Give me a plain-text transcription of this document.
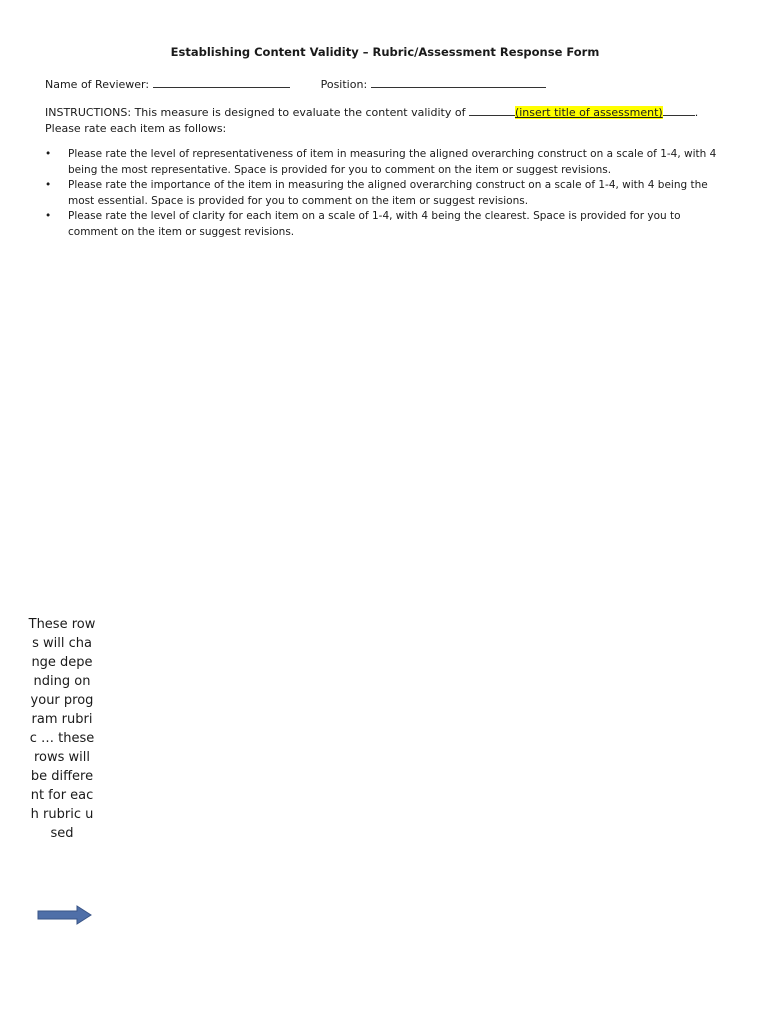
Establishing Content Validity – Rubric/Assessment Response Form
Name of Reviewer:	Position:
INSTRUCTIONS: This measure is designed to evaluate the content validity of	(insert title of assessment)	.
Please rate each item as follows:
• Please rate the level of representativeness of item in measuring the aligned overarching construct on a scale of 1-4, with 4 being the most representative. Space is provided for you to comment on the item or suggest revisions.
• Please rate the importance of the item in measuring the aligned overarching construct on a scale of 1-4, with 4 being the most essential. Space is provided for you to comment on the item or suggest revisions.
• Please rate the level of clarity for each item on a scale of 1-4, with 4 being the clearest. Space is provided for you to comment on the item or suggest revisions.
These rows will change depending on your program rubric … these rows will be different for each rubric used
